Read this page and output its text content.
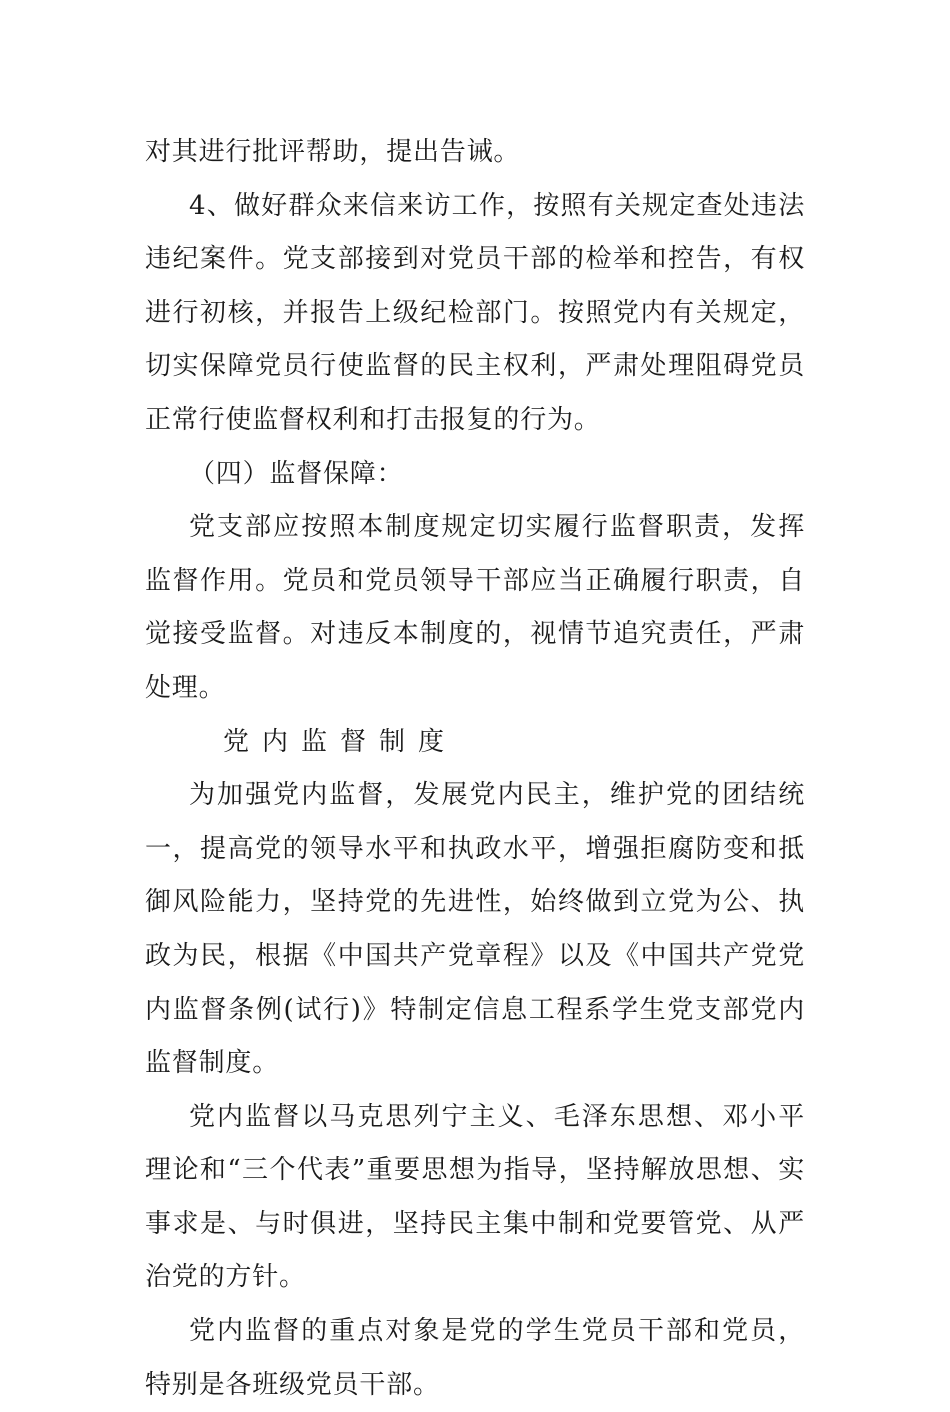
对其进行批评帮助，提出告诫。

4、做好群众来信来访工作，按照有关规定查处违法违纪案件。党支部接到对党员干部的检举和控告，有权进行初核，并报告上级纪检部门。按照党内有关规定，切实保障党员行使监督的民主权利，严肃处理阻碍党员正常行使监督权利和打击报复的行为。

（四）监督保障：

党支部应按照本制度规定切实履行监督职责，发挥监督作用。党员和党员领导干部应当正确履行职责，自觉接受监督。对违反本制度的，视情节追究责任，严肃处理。

党内监督制度

为加强党内监督，发展党内民主，维护党的团结统一，提高党的领导水平和执政水平，增强拒腐防变和抵御风险能力，坚持党的先进性，始终做到立党为公、执政为民，根据《中国共产党章程》以及《中国共产党党内监督条例(试行)》特制定信息工程系学生党支部党内监督制度。

党内监督以马克思列宁主义、毛泽东思想、邓小平理论和“三个代表”重要思想为指导，坚持解放思想、实事求是、与时俱进，坚持民主集中制和党要管党、从严治党的方针。

党内监督的重点对象是党的学生党员干部和党员，特别是各班级党员干部。
